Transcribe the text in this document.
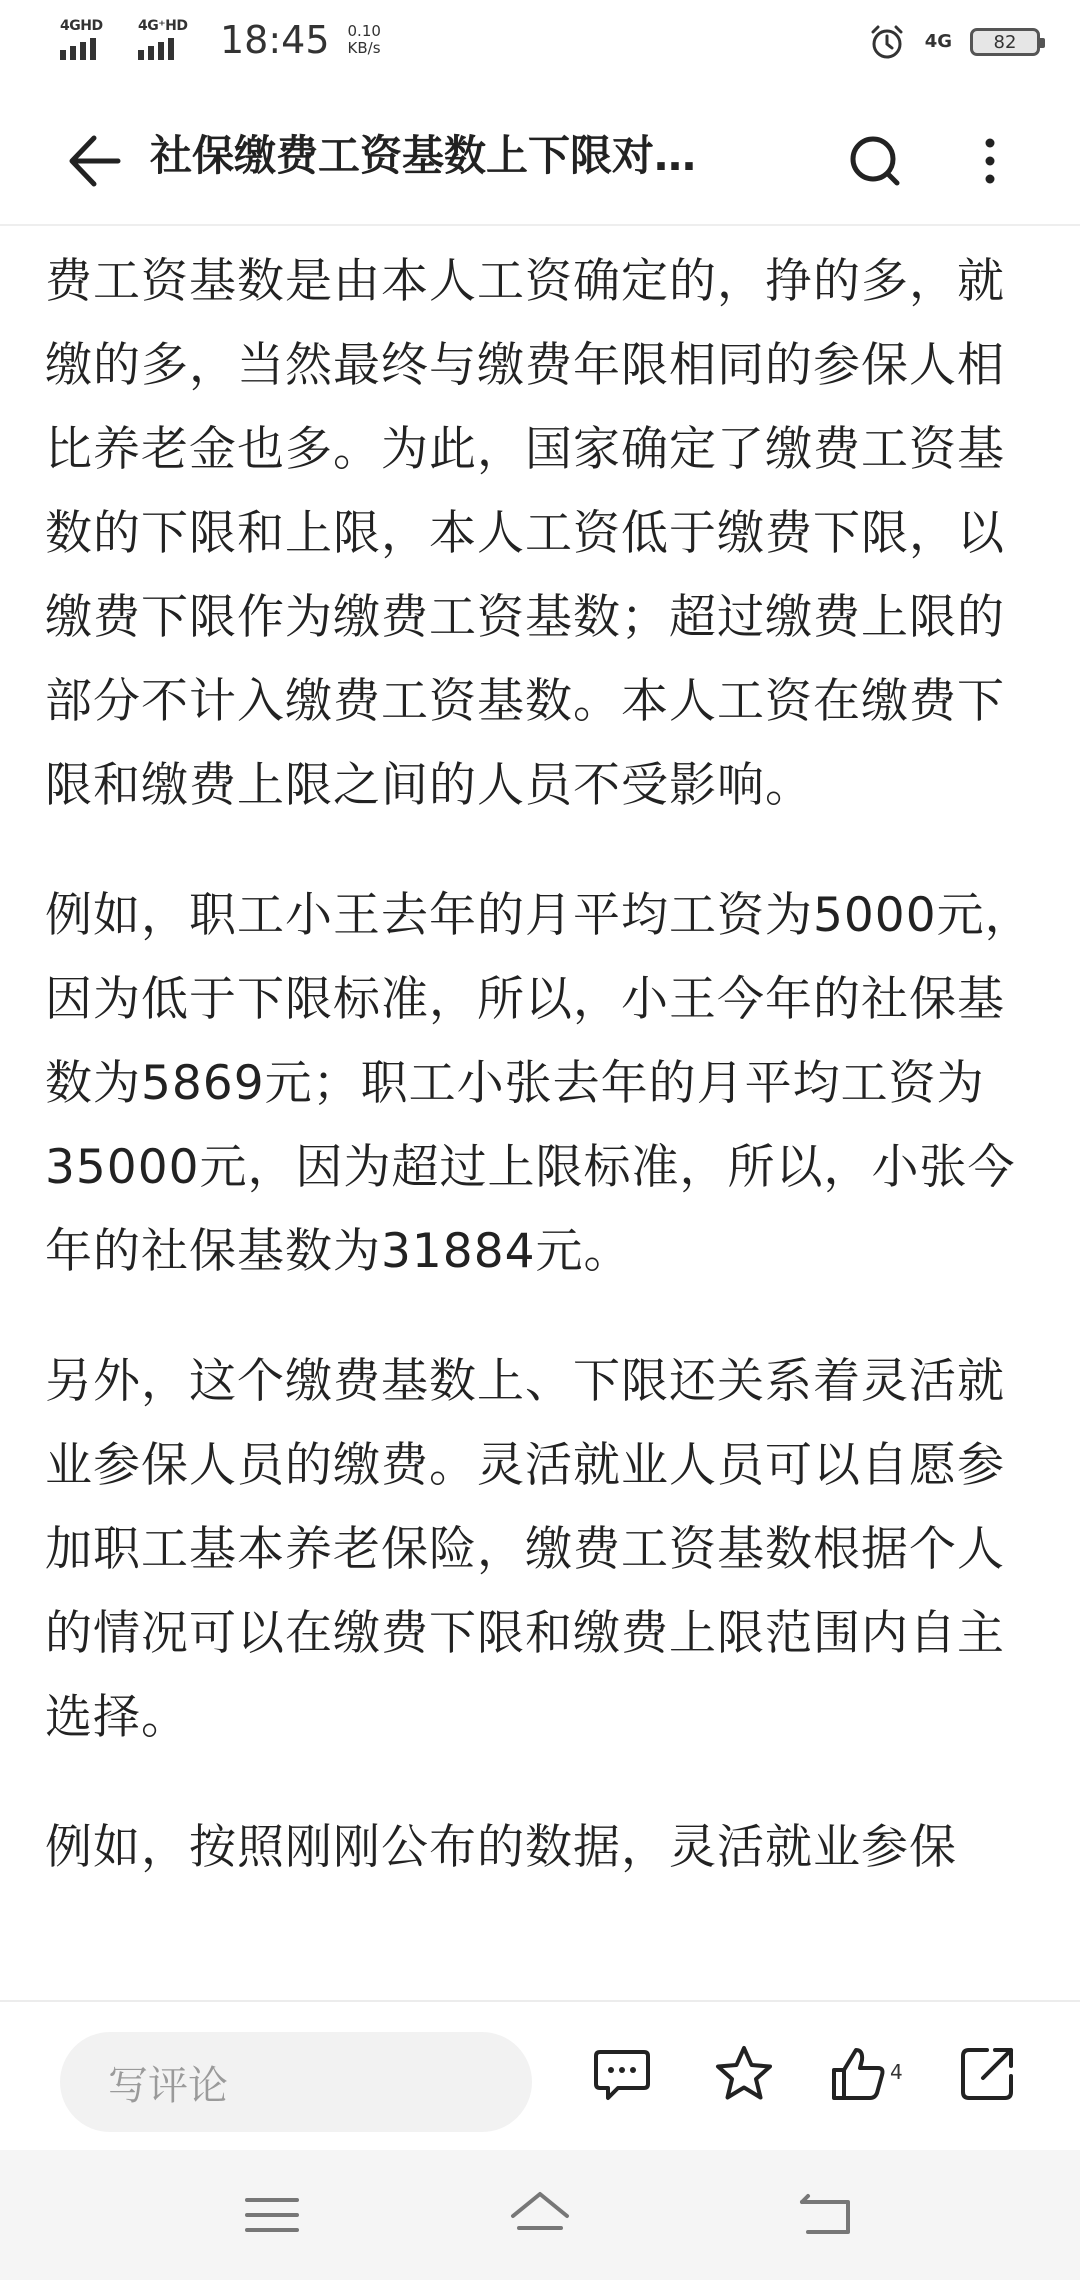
4GHD	4G⁺HD 18:45 0.10
KB/s	4G 82
社保缴费工资基数上下限对…

费工资基数是由本人工资确定的，挣的多，就缴的多，当然最终与缴费年限相同的参保人相比养老金也多。为此，国家确定了缴费工资基数的下限和上限，本人工资低于缴费下限，以缴费下限作为缴费工资基数；超过缴费上限的部分不计入缴费工资基数。本人工资在缴费下限和缴费上限之间的人员不受影响。

例如，职工小王去年的月平均工资为5000元，因为低于下限标准，所以，小王今年的社保基数为5869元；职工小张去年的月平均工资为35000元，因为超过上限标准，所以，小张今年的社保基数为31884元。

另外，这个缴费基数上、下限还关系着灵活就业参保人员的缴费。灵活就业人员可以自愿参加职工基本养老保险，缴费工资基数根据个人的情况可以在缴费下限和缴费上限范围内自主选择。

例如，按照刚刚公布的数据，灵活就业参保

写评论	4
